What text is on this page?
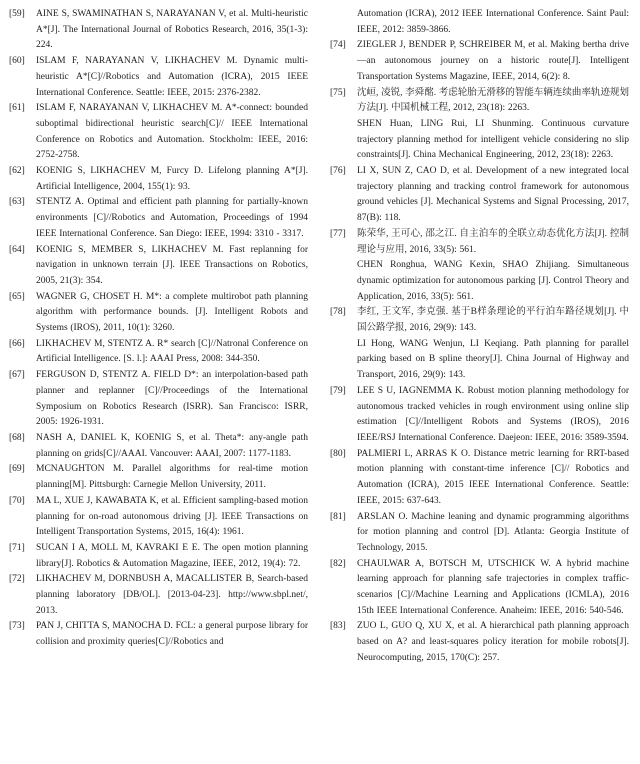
[59]	AINE S, SWAMINATHAN S, NARAYANAN V, et al. Multi-heuristic A*[J]. The International Journal of Robotics Research, 2016, 35(1-3): 224.
[60]	ISLAM F, NARAYANAN V, LIKHACHEV M. Dynamic multi-heuristic A*[C]//Robotics and Automation (ICRA), 2015 IEEE International Conference. Seattle: IEEE, 2015: 2376-2382.
[61]	ISLAM F, NARAYANAN V, LIKHACHEV M. A*-connect: bounded suboptimal bidirectional heuristic search[C]// IEEE International Conference on Robotics and Automation. Stockholm: IEEE, 2016: 2752-2758.
[62]	KOENIG S, LIKHACHEV M, Furcy D. Lifelong planning A*[J]. Artificial Intelligence, 2004, 155(1): 93.
[63]	STENTZ A. Optimal and efficient path planning for partially-known environments [C]//Robotics and Automation, Proceedings of 1994 IEEE International Conference. San Diego: IEEE, 1994: 3310 - 3317.
[64]	KOENIG S, MEMBER S, LIKHACHEV M. Fast replanning for navigation in unknown terrain [J]. IEEE Transactions on Robotics, 2005, 21(3): 354.
[65]	WAGNER G, CHOSET H. M*: a complete multirobot path planning algorithm with performance bounds. [J]. Intelligent Robots and Systems (IROS), 2011, 10(1): 3260.
[66]	LIKHACHEV M, STENTZ A. R* search [C]//Natronal Conference on Artificial Intelligence. [S. l.]: AAAI Press, 2008: 344-350.
[67]	FERGUSON D, STENTZ A. FIELD D*: an interpolation-based path planner and replanner [C]//Proceedings of the International Symposium on Robotics Research (ISRR). San Francisco: ISRR, 2005: 1926-1931.
[68]	NASH A, DANIEL K, KOENIG S, et al. Theta*: any-angle path planning on grids[C]//AAAI. Vancouver: AAAI, 2007: 1177-1183.
[69]	MCNAUGHTON M. Parallel algorithms for real-time motion planning[M]. Pittsburgh: Carnegie Mellon University, 2011.
[70]	MA L, XUE J, KAWABATA K, et al. Efficient sampling-based motion planning for on-road autonomous driving [J]. IEEE Transactions on Intelligent Transportation Systems, 2015, 16(4): 1961.
[71]	SUCAN I A, MOLL M, KAVRAKI E E. The open motion planning library[J]. Robotics & Automation Magazine, IEEE, 2012, 19(4): 72.
[72]	LIKHACHEV M, DORNBUSH A, MACALLISTER B, Search-based planning laboratory [DB/OL]. [2013-04-23]. http://www.sbpl.net/, 2013.
[73]	PAN J, CHITTA S, MANOCHA D. FCL: a general purpose library for collision and proximity queries[C]//Robotics and
Automation (ICRA), 2012 IEEE International Conference. Saint Paul: IEEE, 2012: 3859-3866.
[74]	ZIEGLER J, BENDER P, SCHREIBER M, et al. Making bertha drive—an autonomous journey on a historic route[J]. Intelligent Transportation Systems Magazine, IEEE, 2014, 6(2): 8.
[75]	沈峘, 凌锐, 李舜酩. 考虑轮胎无滑移的智能车辆连续曲率轨迹规划方法[J]. 中国机械工程, 2012, 23(18): 2263.
SHEN Huan, LING Rui, LI Shunming. Continuous curvature trajectory planning method for intelligent vehicle considering no slip constraints[J]. China Mechanical Engineering, 2012, 23(18): 2263.
[76]	LI X, SUN Z, CAO D, et al. Development of a new integrated local trajectory planning and tracking control framework for autonomous ground vehicles [J]. Mechanical Systems and Signal Processing, 2017, 87(B): 118.
[77]	陈荣华, 王可心, 邵之江. 自主泊车的全联立动态优化方法[J]. 控制理论与应用, 2016, 33(5): 561.
CHEN Ronghua, WANG Kexin, SHAO Zhijiang. Simultaneous dynamic optimization for autonomous parking [J]. Control Theory and Application, 2016, 33(5): 561.
[78]	李红, 王文军, 李克强. 基于B样条理论的平行泊车路径规划[J]. 中国公路学报, 2016, 29(9): 143.
LI Hong, WANG Wenjun, LI Keqiang. Path planning for parallel parking based on B spline theory[J]. China Journal of Highway and Transport, 2016, 29(9): 143.
[79]	LEE S U, IAGNEMMA K. Robust motion planning methodology for autonomous tracked vehicles in rough environment using online slip estimation [C]//Intelligent Robots and Systems (IROS), 2016 IEEE/RSJ International Conference. Daejeon: IEEE, 2016: 3589-3594.
[80]	PALMIERI L, ARRAS K O. Distance metric learning for RRT-based motion planning with constant-time inference [C]// Robotics and Automation (ICRA), 2015 IEEE International Conference. Seattle: IEEE, 2015: 637-643.
[81]	ARSLAN O. Machine leaning and dynamic programming algorithms for motion planning and control [D]. Atlanta: Georgia Institute of Technology, 2015.
[82]	CHAULWAR A, BOTSCH M, UTSCHICK W. A hybrid machine learning approach for planning safe trajectories in complex traffic-scenarios [C]//Machine Learning and Applications (ICMLA), 2016 15th IEEE International Conference. Anaheim: IEEE, 2016: 540-546.
[83]	ZUO L, GUO Q, XU X, et al. A hierarchical path planning approach based on A? and least-squares policy iteration for mobile robots[J]. Neurocomputing, 2015, 170(C): 257.
